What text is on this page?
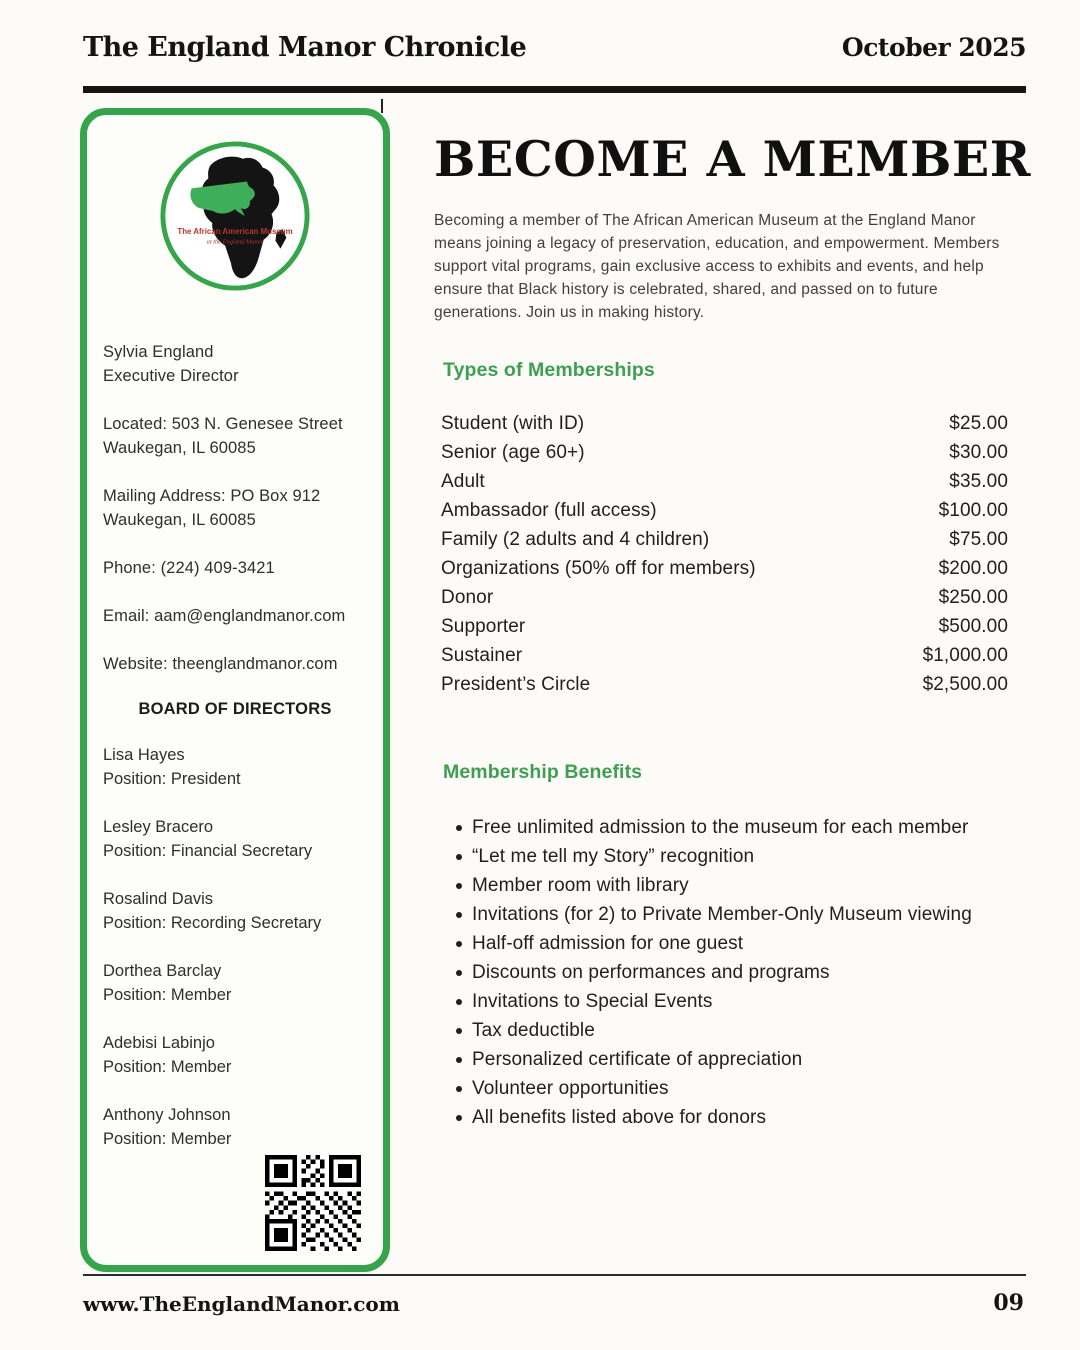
The England Manor Chronicle	October 2025
The African American Museum
at the England Manor
Sylvia England
Executive Director
Located: 503 N. Genesee Street
Waukegan, IL 60085
Mailing Address: PO Box 912
Waukegan, IL 60085
Phone: (224) 409-3421
Email: aam@englandmanor.com
Website: theenglandmanor.com
BOARD OF DIRECTORS
Lisa Hayes
Position: President
Lesley Bracero
Position: Financial Secretary
Rosalind Davis
Position: Recording Secretary
Dorthea Barclay
Position: Member
Adebisi Labinjo
Position: Member
Anthony Johnson
Position: Member
BECOME A MEMBER

Becoming a member of The African American Museum at the England Manor means joining a legacy of preservation, education, and empowerment. Members support vital programs, gain exclusive access to exhibits and events, and help ensure that Black history is celebrated, shared, and passed on to future generations. Join us in making history.

Types of Memberships
Student (with ID)	$25.00
Senior (age 60+)	$30.00
Adult	$35.00
Ambassador (full access)	$100.00
Family (2 adults and 4 children)	$75.00
Organizations (50% off for members)	$200.00
Donor	$250.00
Supporter	$500.00
Sustainer	$1,000.00
President’s Circle	$2,500.00
Membership Benefits
Free unlimited admission to the museum for each member
“Let me tell my Story” recognition
Member room with library
Invitations (for 2) to Private Member-Only Museum viewing
Half-off admission for one guest
Discounts on performances and programs
Invitations to Special Events
Tax deductible
Personalized certificate of appreciation
Volunteer opportunities
All benefits listed above for donors
www.TheEnglandManor.com	09
